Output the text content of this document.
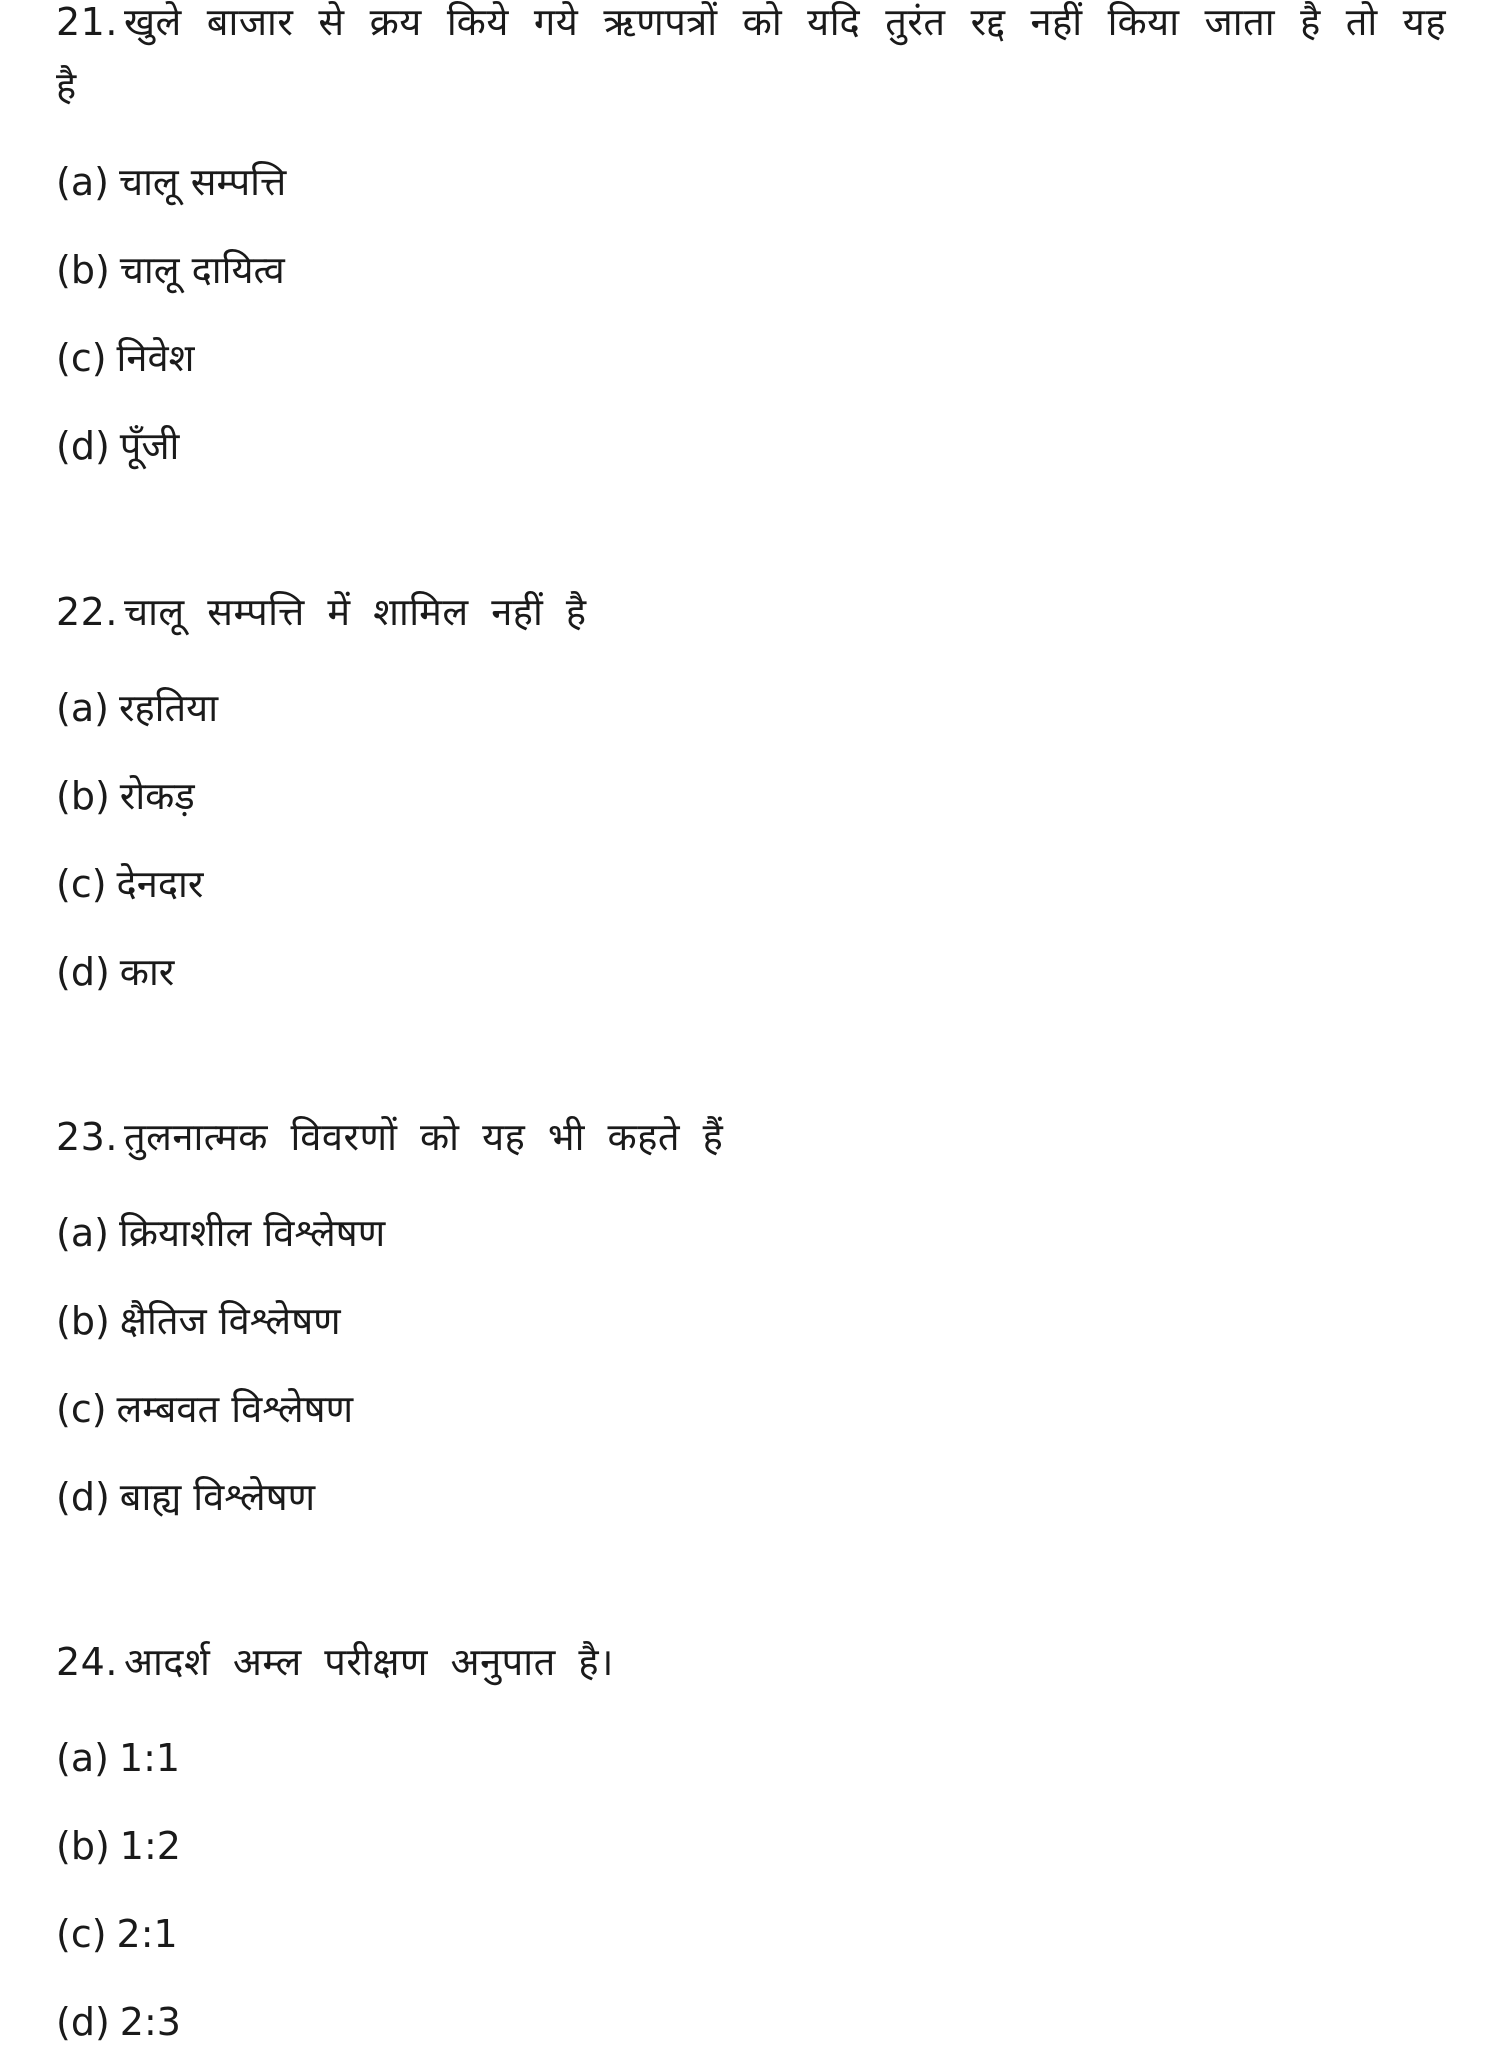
21. खुले बाजार से क्रय किये गये ऋणपत्रों को यदि तुरंत रद्द नहीं किया जाता है तो यह है

(a) चालू सम्पत्ति
(b) चालू दायित्व
(c) निवेश
(d) पूँजी

22. चालू सम्पत्ति में शामिल नहीं है

(a) रहतिया
(b) रोकड़
(c) देनदार
(d) कार

23. तुलनात्मक विवरणों को यह भी कहते हैं

(a) क्रियाशील विश्लेषण
(b) क्षैतिज विश्लेषण
(c) लम्बवत विश्लेषण
(d) बाह्य विश्लेषण

24. आदर्श अम्ल परीक्षण अनुपात है।

(a) 1:1
(b) 1:2
(c) 2:1
(d) 2:3
